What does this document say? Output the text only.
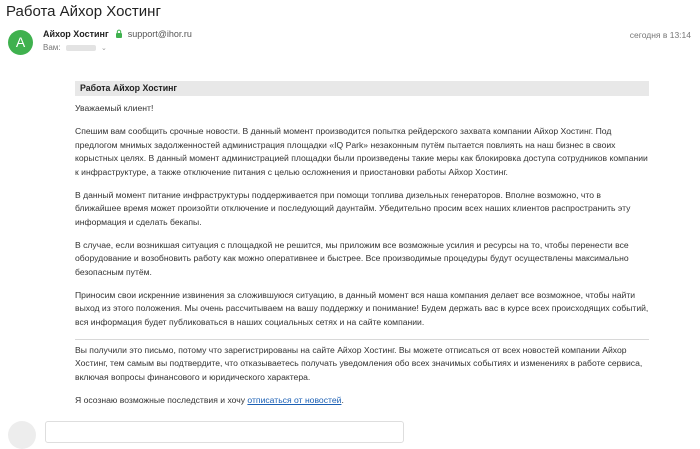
Работа Айхор Хостинг
A	Айхор Хостинг support@ihor.ru
Вам:	⌄
сегодня в 13:14
Работа Айхор Хостинг

Уважаемый клиент!

Спешим вам сообщить срочные новости. В данный момент производится попытка рейдерского захвата компании Айхор Хостинг. Под предлогом мнимых задолженностей администрация площадки «IQ Park» незаконным путём пытается повлиять на наш бизнес в своих корыстных целях. В данный момент администрацией площадки были произведены такие меры как блокировка доступа сотрудников компании к инфраструктуре, а также отключение питания с целью осложнения и приостановки работы Айхор Хостинг.

В данный момент питание инфраструктуры поддерживается при помощи топлива дизельных генераторов. Вполне возможно, что в ближайшее время может произойти отключение и последующий даунтайм. Убедительно просим всех наших клиентов распространить эту информация и сделать бекапы.

В случае, если возникшая ситуация с площадкой не решится, мы приложим все возможные усилия и ресурсы на то, чтобы перенести все оборудование и возобновить работу как можно оперативнее и быстрее. Все производимые процедуры будут осуществлены максимально безопасным путём.

Приносим свои искренние извинения за сложившуюся ситуацию, в данный момент вся наша компания делает все возможное, чтобы найти выход из этого положения. Мы очень рассчитываем на вашу поддержку и понимание! Будем держать вас в курсе всех происходящих событий, вся информация будет публиковаться в наших социальных сетях и на сайте компании.

Вы получили это письмо, потому что зарегистрированы на сайте Айхор Хостинг. Вы можете отписаться от всех новостей компании Айхор Хостинг, тем самым вы подтвердите, что отказываетесь получать уведомления обо всех значимых событиях и изменениях в работе сервиса, включая вопросы финансового и юридического характера.

Я осознаю возможные последствия и хочу отписаться от новостей.
